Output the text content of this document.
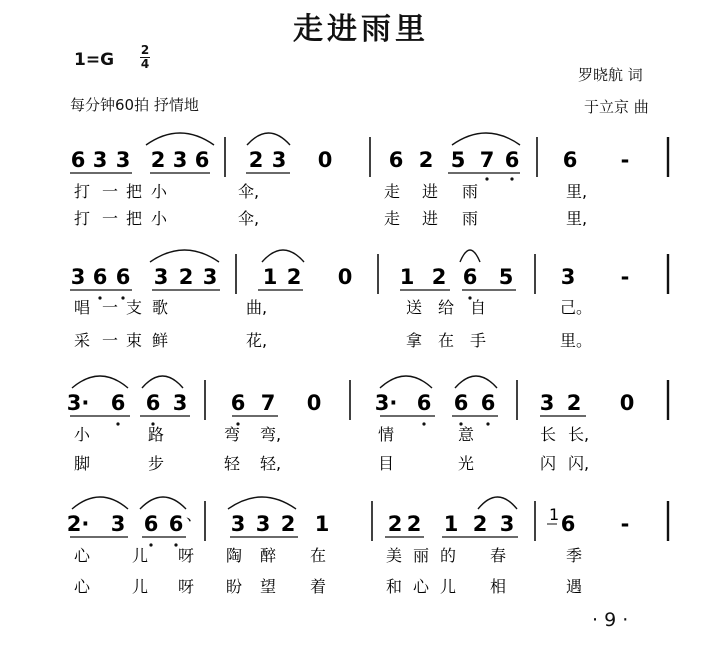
走进雨里
1=G 2
4
每分钟60拍 抒情地
罗晓航 词
于立京 曲
· 9 ·
6 3 3 2 3 6 2 3 0	6 2 5 7 6 6 -
打 一 把 小	伞,	走 进 雨	里,
打 一 把 小	伞,	走 进 雨	里,
3 6 6 3 2 3 1 2 0 1 2 6 5 3 -
唱 一 支 歌	曲,	送 给 自	己。
采 一 束 鲜	花,	拿 在 手	里。
3· 6 6 3 6 7 0	3· 6 6 6 3 2 0
小	路	弯 弯,	情	意	长 长,
脚	步	轻 轻,	目	光	闪 闪,
2· 3 6 6 3 3 2 1	2 2 1 2 3 6 -
心	儿 呀 陶 醉 在	美 丽 的 春	季
心	儿 呀 盼 望 着	和 心 儿 相	遇
1
、
